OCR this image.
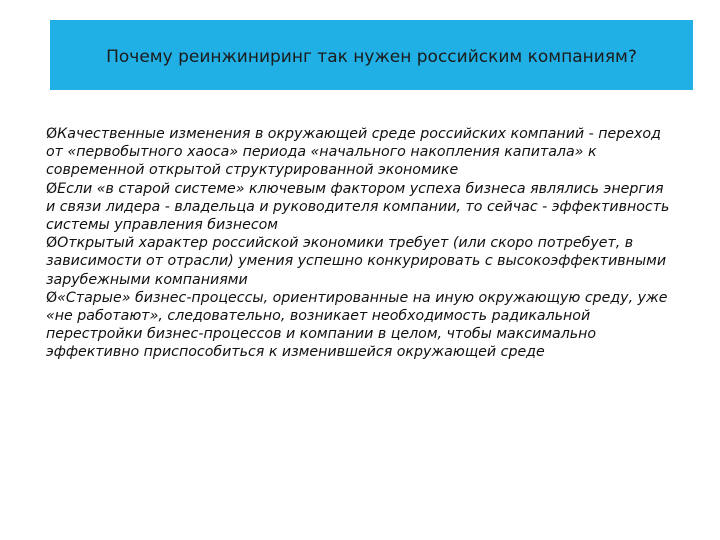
Почему реинжиниринг так нужен российским компаниям?
ØКачественные изменения в окружающей среде российских компаний - переход от «первобытного хаоса» периода «начального накопления капитала» к современной открытой структурированной экономике
ØЕсли «в старой системе» ключевым фактором успеха бизнеса являлись энергия и связи лидера - владельца и руководителя компании, то сейчас - эффективность системы управления бизнесом
ØОткрытый характер российской экономики требует (или скоро потребует, в зависимости от отрасли) умения успешно конкурировать с высокоэффективными зарубежными компаниями
Ø«Старые» бизнес-процессы, ориентированные на иную окружающую среду, уже «не работают», следовательно, возникает необходимость радикальной перестройки бизнес-процессов и компании в целом, чтобы максимально эффективно приспособиться к изменившейся окружающей среде
